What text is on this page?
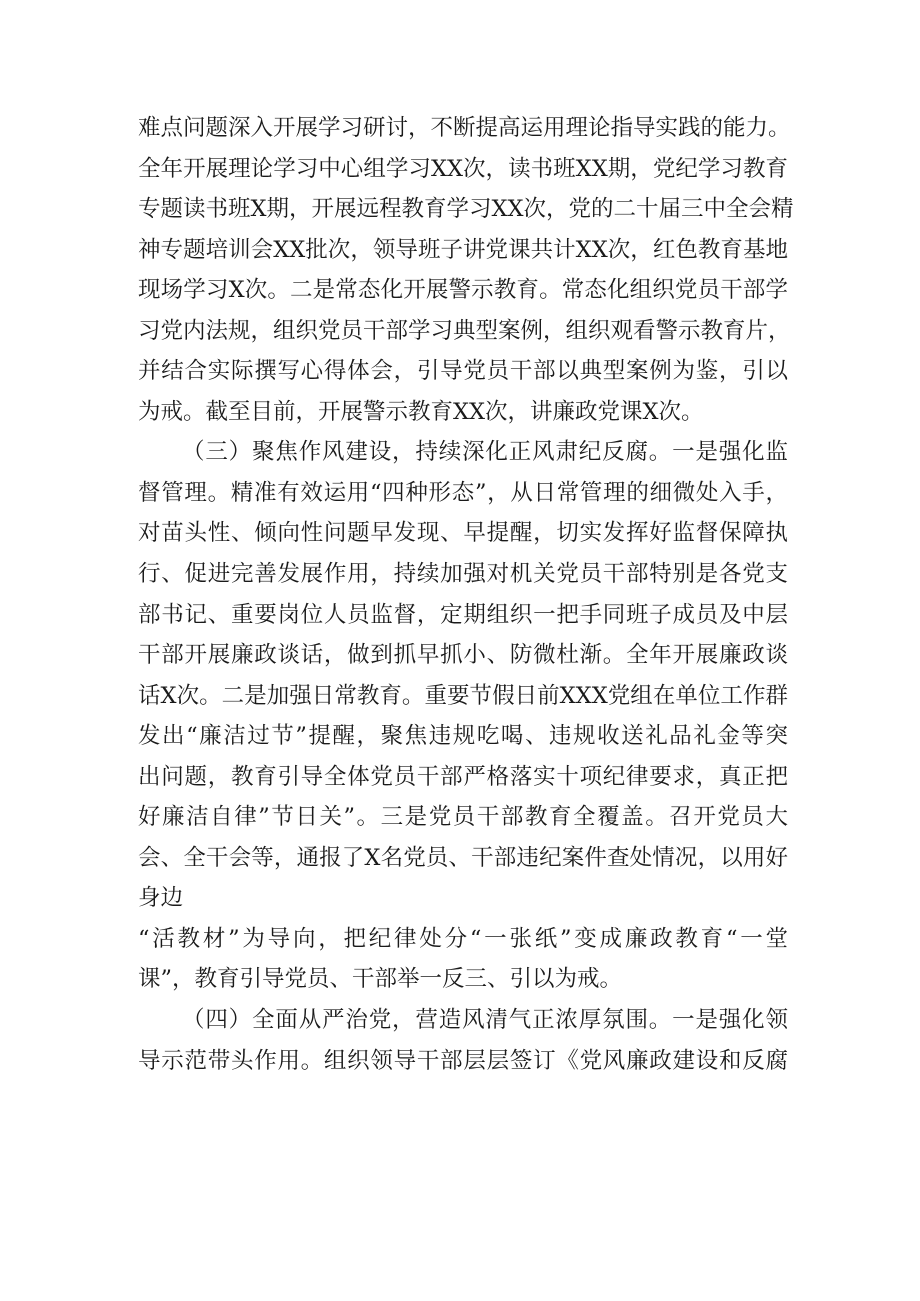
难点问题深入开展学习研讨，不断提高运用理论指导实践的能力。
全年开展理论学习中心组学习XX次，读书班XX期，党纪学习教育
专题读书班X期，开展远程教育学习XX次，党的二十届三中全会精
神专题培训会XX批次，领导班子讲党课共计XX次，红色教育基地
现场学习X次。二是常态化开展警示教育。常态化组织党员干部学
习党内法规，组织党员干部学习典型案例，组织观看警示教育片，
并结合实际撰写心得体会，引导党员干部以典型案例为鉴，引以
为戒。截至目前，开展警示教育XX次，讲廉政党课X次。
（三）聚焦作风建设，持续深化正风肃纪反腐。一是强化监
督管理。精准有效运用“四种形态”，从日常管理的细微处入手，
对苗头性、倾向性问题早发现、早提醒，切实发挥好监督保障执
行、促进完善发展作用，持续加强对机关党员干部特别是各党支
部书记、重要岗位人员监督，定期组织一把手同班子成员及中层
干部开展廉政谈话，做到抓早抓小、防微杜渐。全年开展廉政谈
话X次。二是加强日常教育。重要节假日前XXX党组在单位工作群
发出“廉洁过节”提醒，聚焦违规吃喝、违规收送礼品礼金等突
出问题，教育引导全体党员干部严格落实十项纪律要求，真正把
好廉洁自律”节日关”。三是党员干部教育全覆盖。召开党员大
会、全干会等，通报了X名党员、干部违纪案件查处情况，以用好
身边
“活教材”为导向，把纪律处分“一张纸”变成廉政教育“一堂
课”，教育引导党员、干部举一反三、引以为戒。
（四）全面从严治党，营造风清气正浓厚氛围。一是强化领
导示范带头作用。组织领导干部层层签订《党风廉政建设和反腐
